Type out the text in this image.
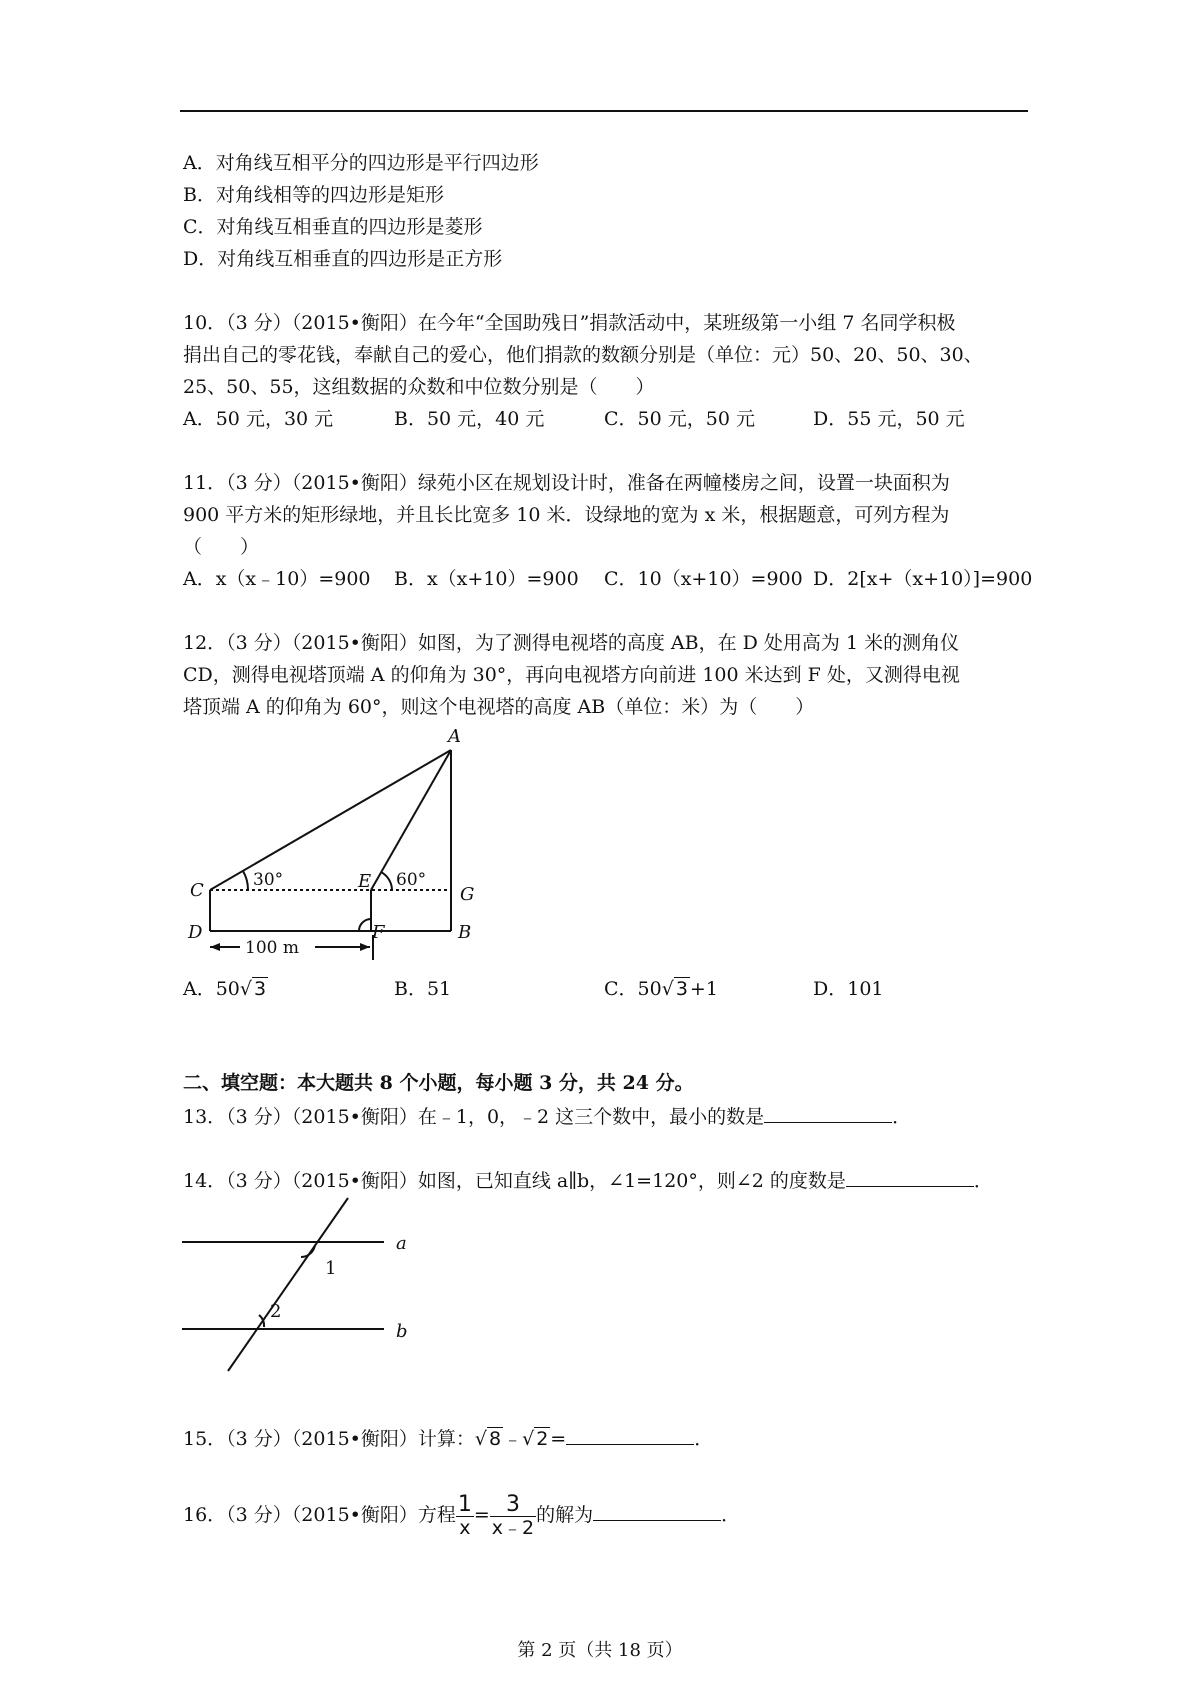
A．对角线互相平分的四边形是平行四边形
B．对角线相等的四边形是矩形
C．对角线互相垂直的四边形是菱形
D．对角线互相垂直的四边形是正方形
10．（3 分）（2015•衡阳）在今年“全国助残日”捐款活动中，某班级第一小组 7 名同学积极
捐出自己的零花钱，奉献自己的爱心，他们捐款的数额分别是（单位：元）50、20、50、30、
25、50、55，这组数据的众数和中位数分别是（　　）
A．50 元，30 元	B．50 元，40 元	C．50 元，50 元	D．55 元，50 元
11．（3 分）（2015•衡阳）绿苑小区在规划设计时，准备在两幢楼房之间，设置一块面积为
900 平方米的矩形绿地，并且长比宽多 10 米．设绿地的宽为 x 米，根据题意，可列方程为
（　　）
A．x（x﹣10）=900 B．x（x+10）=900 C．10（x+10）=900 D．2[x+（x+10）]=900
12．（3 分）（2015•衡阳）如图，为了测得电视塔的高度 AB，在 D 处用高为 1 米的测角仪
CD，测得电视塔顶端 A 的仰角为 30°，再向电视塔方向前进 100 米达到 F 处，又测得电视
塔顶端 A 的仰角为 60°，则这个电视塔的高度 AB（单位：米）为（　　）
A
C	E
G
D	F	B
30°	60°
100 m
A．50√ 3	B．51	C．50√ 3 +1	D．101
二、填空题：本大题共 8 个小题，每小题 3 分，共 24 分。
13．（3 分）（2015•衡阳）在﹣1，0，﹣2 这三个数中，最小的数是	．
14．（3 分）（2015•衡阳）如图，已知直线 a∥b，∠1=120°，则∠2 的度数是	．
a
b
1
2
15．（3 分）（2015•衡阳）计算：√ 8 ﹣√ 2 =	．
16．（3 分）（2015•衡阳）方程 $\frac{1}{x} = \frac{3}{x﹣2}$ 的解为	．
第 2 页（共 18 页）
